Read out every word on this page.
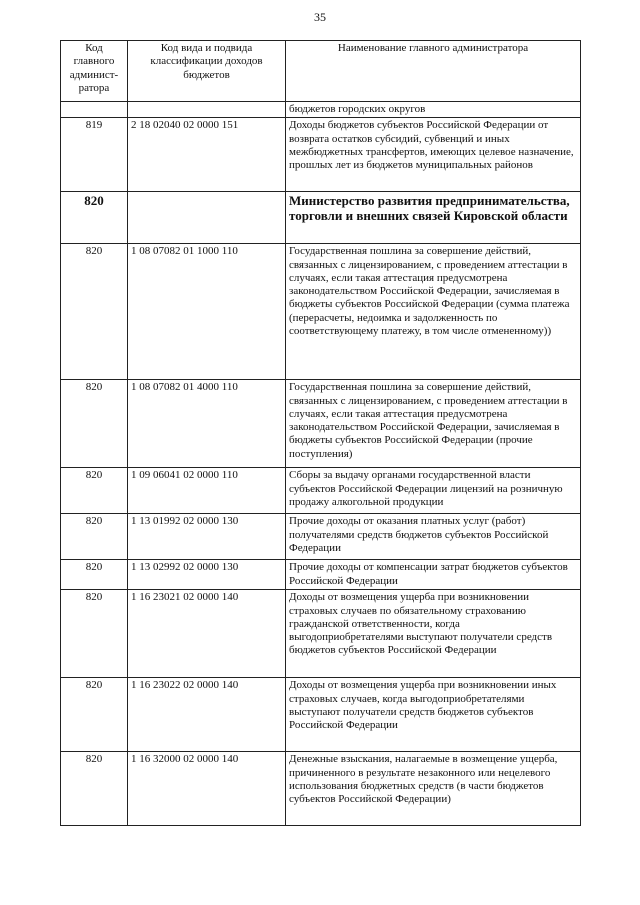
35
Код главного админист- ратора	Код вида и подвида классификации доходов бюджетов	Наименование главного администратора
		бюджетов городских округов
819	2 18 02040 02 0000 151	Доходы бюджетов субъектов Российской Федерации от возврата остатков субсидий, субвенций и иных межбюджетных трансфертов, имеющих целевое назначение, прошлых лет из бюджетов муниципальных районов
820		Министерство развития предпринимательства, торговли и внешних связей Кировской области
820	1 08 07082 01 1000 110	Государственная пошлина за совершение действий, связанных с лицензированием, с проведением аттестации в случаях, если такая аттестация предусмотрена законодательством Российской Федерации, зачисляемая в бюджеты субъектов Российской Федерации (сумма платежа (перерасчеты, недоимка и задолженность по соответствующему платежу, в том числе отмененному))
820	1 08 07082 01 4000 110	Государственная пошлина за совершение действий, связанных с лицензированием, с проведением аттестации в случаях, если такая аттестация предусмотрена законодательством Российской Федерации, зачисляемая в бюджеты субъектов Российской Федерации (прочие поступления)
820	1 09 06041 02 0000 110	Сборы за выдачу органами государственной власти субъектов Российской Федерации лицензий на розничную продажу алкогольной продукции
820	1 13 01992 02 0000 130	Прочие доходы от оказания платных услуг (работ) получателями средств бюджетов субъектов Российской Федерации
820	1 13 02992 02 0000 130	Прочие доходы от компенсации затрат бюджетов субъектов Российской Федерации
820	1 16 23021 02 0000 140	Доходы от возмещения ущерба при возникновении страховых случаев по обязательному страхованию гражданской ответственности, когда выгодоприобретателями выступают получатели средств бюджетов субъектов Российской Федерации
820	1 16 23022 02 0000 140	Доходы от возмещения ущерба при возникновении иных страховых случаев, когда выгодоприобретателями выступают получатели средств бюджетов субъектов Российской Федерации
820	1 16 32000 02 0000 140	Денежные взыскания, налагаемые в возмещение ущерба, причиненного в результате незаконного или нецелевого использования бюджетных средств (в части бюджетов субъектов Российской Федерации)
